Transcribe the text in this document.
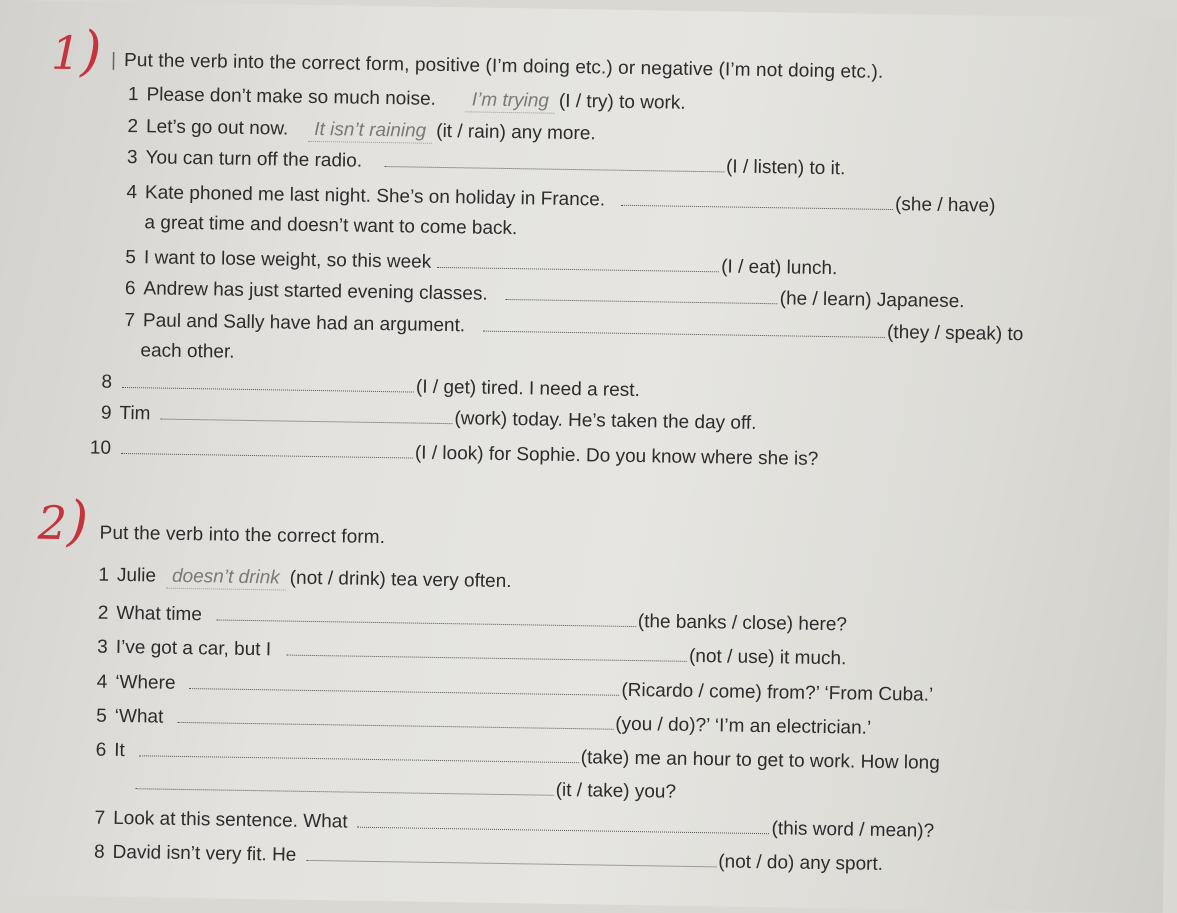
1) | Put the verb into the correct form, positive (I’m doing etc.) or negative (I’m not doing etc.).
1 Please don’t make so much noise. I’m trying (I / try) to work.
2 Let’s go out now. It isn’t raining (it / rain) any more.
3 You can turn off the radio.	(I / listen) to it.
4 Kate phoned me last night. She’s on holiday in France.	(she / have)
a great time and doesn’t want to come back.
5 I want to lose weight, so this week	(I / eat) lunch.
6 Andrew has just started evening classes.	(he / learn) Japanese.
7 Paul and Sally have had an argument.	(they / speak) to
each other.
8	(I / get) tired. I need a rest.
9 Tim	(work) today. He’s taken the day off.
10	(I / look) for Sophie. Do you know where she is?
2) Put the verb into the correct form.
1 Julie doesn’t drink (not / drink) tea very often.
2 What time	(the banks / close) here?
3 I’ve got a car, but I	(not / use) it much.
4 ‘Where	(Ricardo / come) from?’ ‘From Cuba.’
5 ‘What	(you / do)?’ ‘I’m an electrician.’
6 It	(take) me an hour to get to work. How long
(it / take) you?
7 Look at this sentence. What	(this word / mean)?
8 David isn’t very fit. He	(not / do) any sport.
